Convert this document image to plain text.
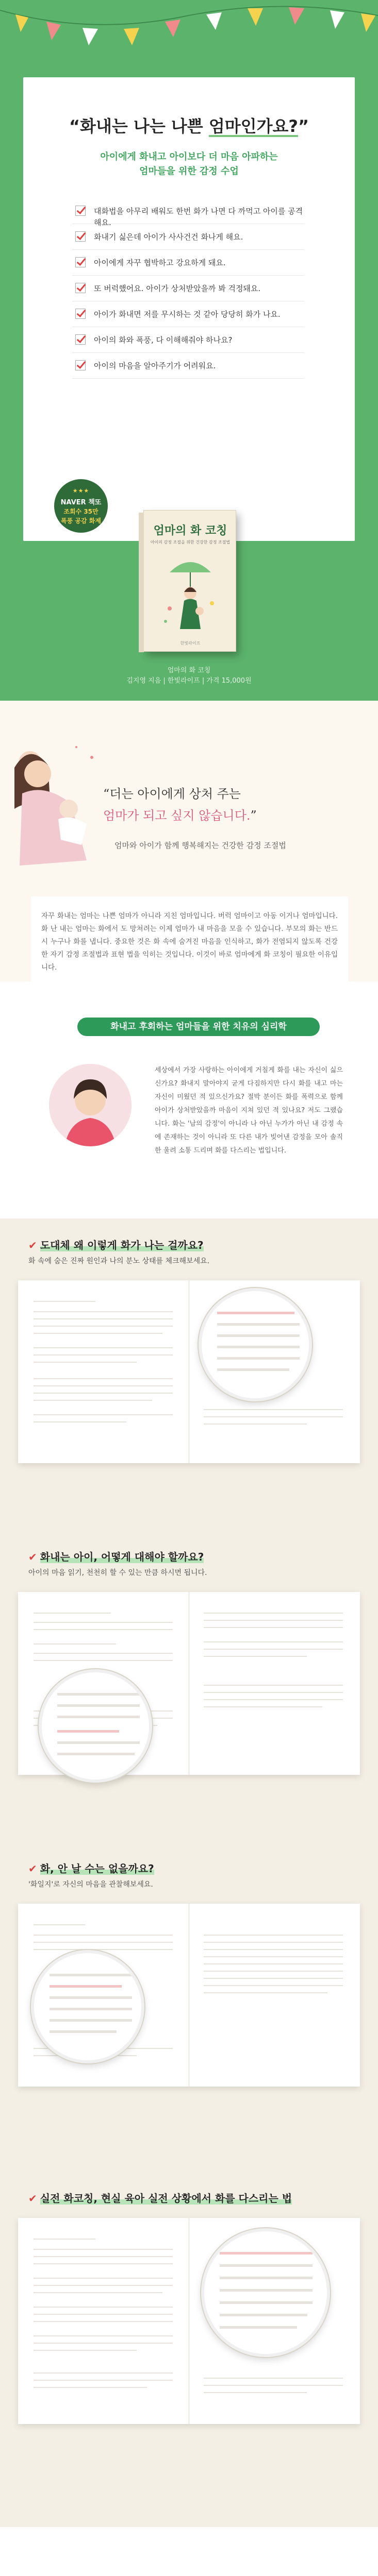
“화내는 나는 나쁜 엄마인가요?”
아이에게 화내고 아이보다 더 마음 아파하는
엄마들을 위한 감정 수업
대화법을 아무리 배워도 한번 화가 나면 다 까먹고 아이를 공격해요.
화내기 싫은데 아이가 사사건건 화나게 해요.
아이에게 자꾸 협박하고 강요하게 돼요.
또 버럭했어요. 아이가 상처받았을까 봐 걱정돼요.
아이가 화내면 저를 무시하는 것 같아 당당히 화가 나요.
아이의 화와 폭풍, 다 이해해줘야 하나요?
아이의 마음을 알아주기가 어려워요.
★★★
NAVER 책또
조회수 35만
폭풍 공감 화제
엄마의 화 코칭
아이의 감정 조절을 위한 건강한 감정 조절법
한빛라이프
엄마의 화 코칭
김지영 지음 | 한빛라이프 | 가격 15,000원
“더는 아이에게 상처 주는
엄마가 되고 싶지 않습니다.”
엄마와 아이가 함께 행복해지는 건강한 감정 조절법
자꾸 화내는 엄마는 나쁜 엄마가 아니라 지친 엄마입니다. 버럭 엄마이고 아동 이거나 엄마입니다. 화 난 내는 엄마는 화에서 도 망쳐려는 이제 엄마가 내 마음을 모을 수 있습니다. 부모의 화는 반드시 누구나 화를 냅니다. 중요한 것은 화 속에 숨겨진 마음을 인식하고, 화가 전염되지 않도록 건강한 자기 감정 조절법과 표현 법을 익히는 것입니다. 이것이 바로 엄마에게 화 코칭이 필요한 이유입니다.
화내고 후회하는 엄마들을 위한 치유의 심리학
세상에서 가장 사랑하는 아이에게 거칠게 화를 내는 자신이 싫으신가요? 화내지 말아야지 굳게 다짐하지만 다시 화를 내고 마는 자신이 미웠던 적 있으신가요? 절박 분이든 화를 폭력으로 함께 아이가 상처받았을까 마음이 지쳐 있던 적 있나요? 저도 그랬습니다. 화는 '남의 감정'이 아니라 나 아닌 누가가 아닌 내 감정 속에 존재하는 것이 아니라 또 다른 내가 빚어낸 감정을 모아 솔직한 울려 소통 드리며 화를 다스리는 법입니다.
✔ 도대체 왜 이렇게 화가 나는 걸까요?
화 속에 숨은 진짜 원인과 나의 분노 상태를 체크해보세요.
✔ 화내는 아이, 어떻게 대해야 할까요?
아이의 마음 읽기, 천천히 할 수 있는 만큼 하시면 됩니다.
✔ 화, 안 날 수는 없을까요?
'화일지'로 자신의 마음을 관찰해보세요.
✔ 실전 화코칭, 현실 육아 실전 상황에서 화를 다스리는 법
